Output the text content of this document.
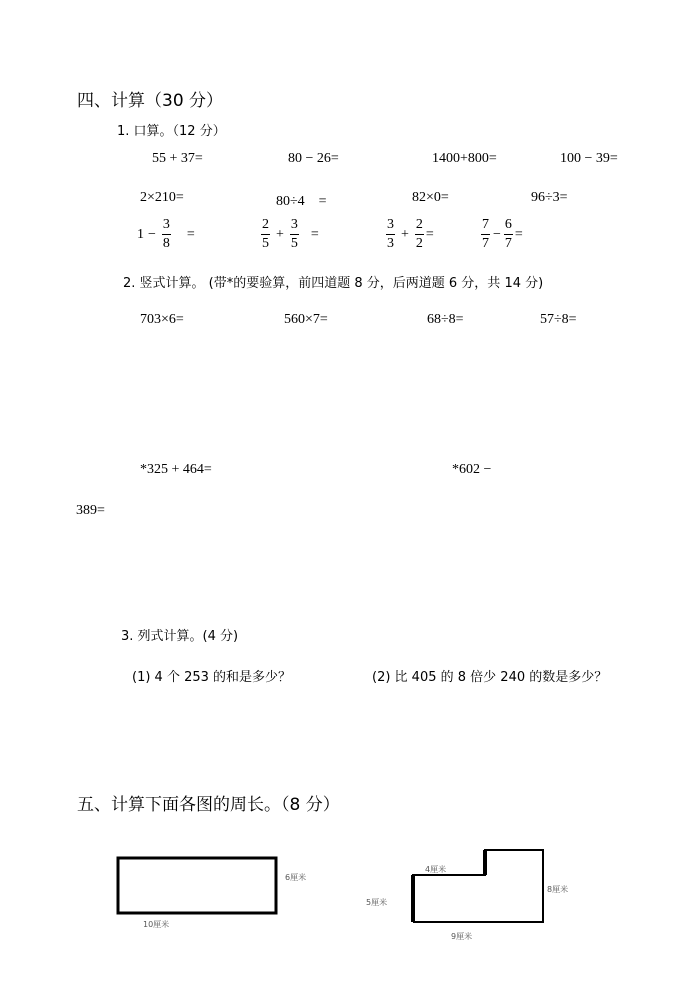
四、计算（30 分）
1. 口算。（12 分）
55 + 37=	80 − 26=	1400+800=	100 − 39=
2×210=	80÷4　=	82×0=	96÷3=
$1 - \frac{3}{8}$ =	$\frac{2}{5} + \frac{3}{5}$ =	$\frac{3}{3} + \frac{2}{2}$ =	$\frac{7}{7} - \frac{6}{7}$ =
2. 竖式计算。 (带*的要验算，前四道题 8 分，后两道题 6 分，共 14 分)
703×6=	560×7=	68÷8=	57÷8=
*325 + 464=	*602 −
389=
3. 列式计算。(4 分)
(1) 4 个 253 的和是多少？	(2) 比 405 的 8 倍少 240 的数是多少？
五、计算下面各图的周长。（8 分）
6厘米
10厘米
4厘米
5厘米
8厘米
9厘米
